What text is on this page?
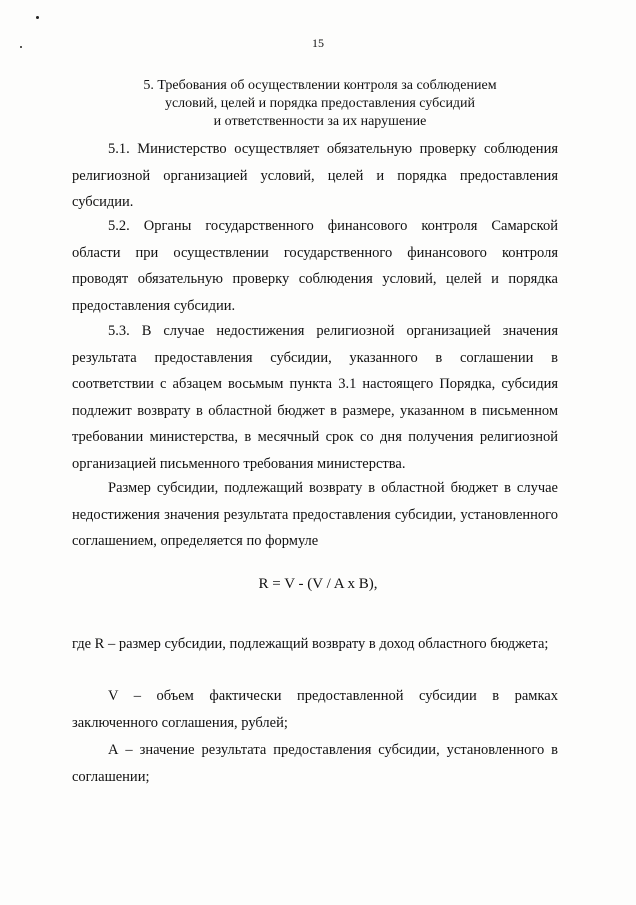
15
5. Требования об осуществлении контроля за соблюдением
условий, целей и порядка предоставления субсидий
и ответственности за их нарушение
5.1. Министерство осуществляет обязательную проверку соблюдения религиозной организацией условий, целей и порядка предоставления субсидии.
5.2. Органы государственного финансового контроля Самарской области при осуществлении государственного финансового контроля проводят обязательную проверку соблюдения условий, целей и порядка предоставления субсидии.
5.3. В случае недостижения религиозной организацией значения результата предоставления субсидии, указанного в соглашении в соответствии с абзацем восьмым пункта 3.1 настоящего Порядка, субсидия подлежит возврату в областной бюджет в размере, указанном в письменном требовании министерства, в месячный срок со дня получения религиозной организацией письменного требования министерства.
Размер субсидии, подлежащий возврату в областной бюджет в случае недостижения значения результата предоставления субсидии, установленного соглашением, определяется по формуле
R = V - (V / A x B),
где R – размер субсидии, подлежащий возврату в доход областного бюджета;
V – объем фактически предоставленной субсидии в рамках заключенного соглашения, рублей;
А – значение результата предоставления субсидии, установленного в соглашении;
